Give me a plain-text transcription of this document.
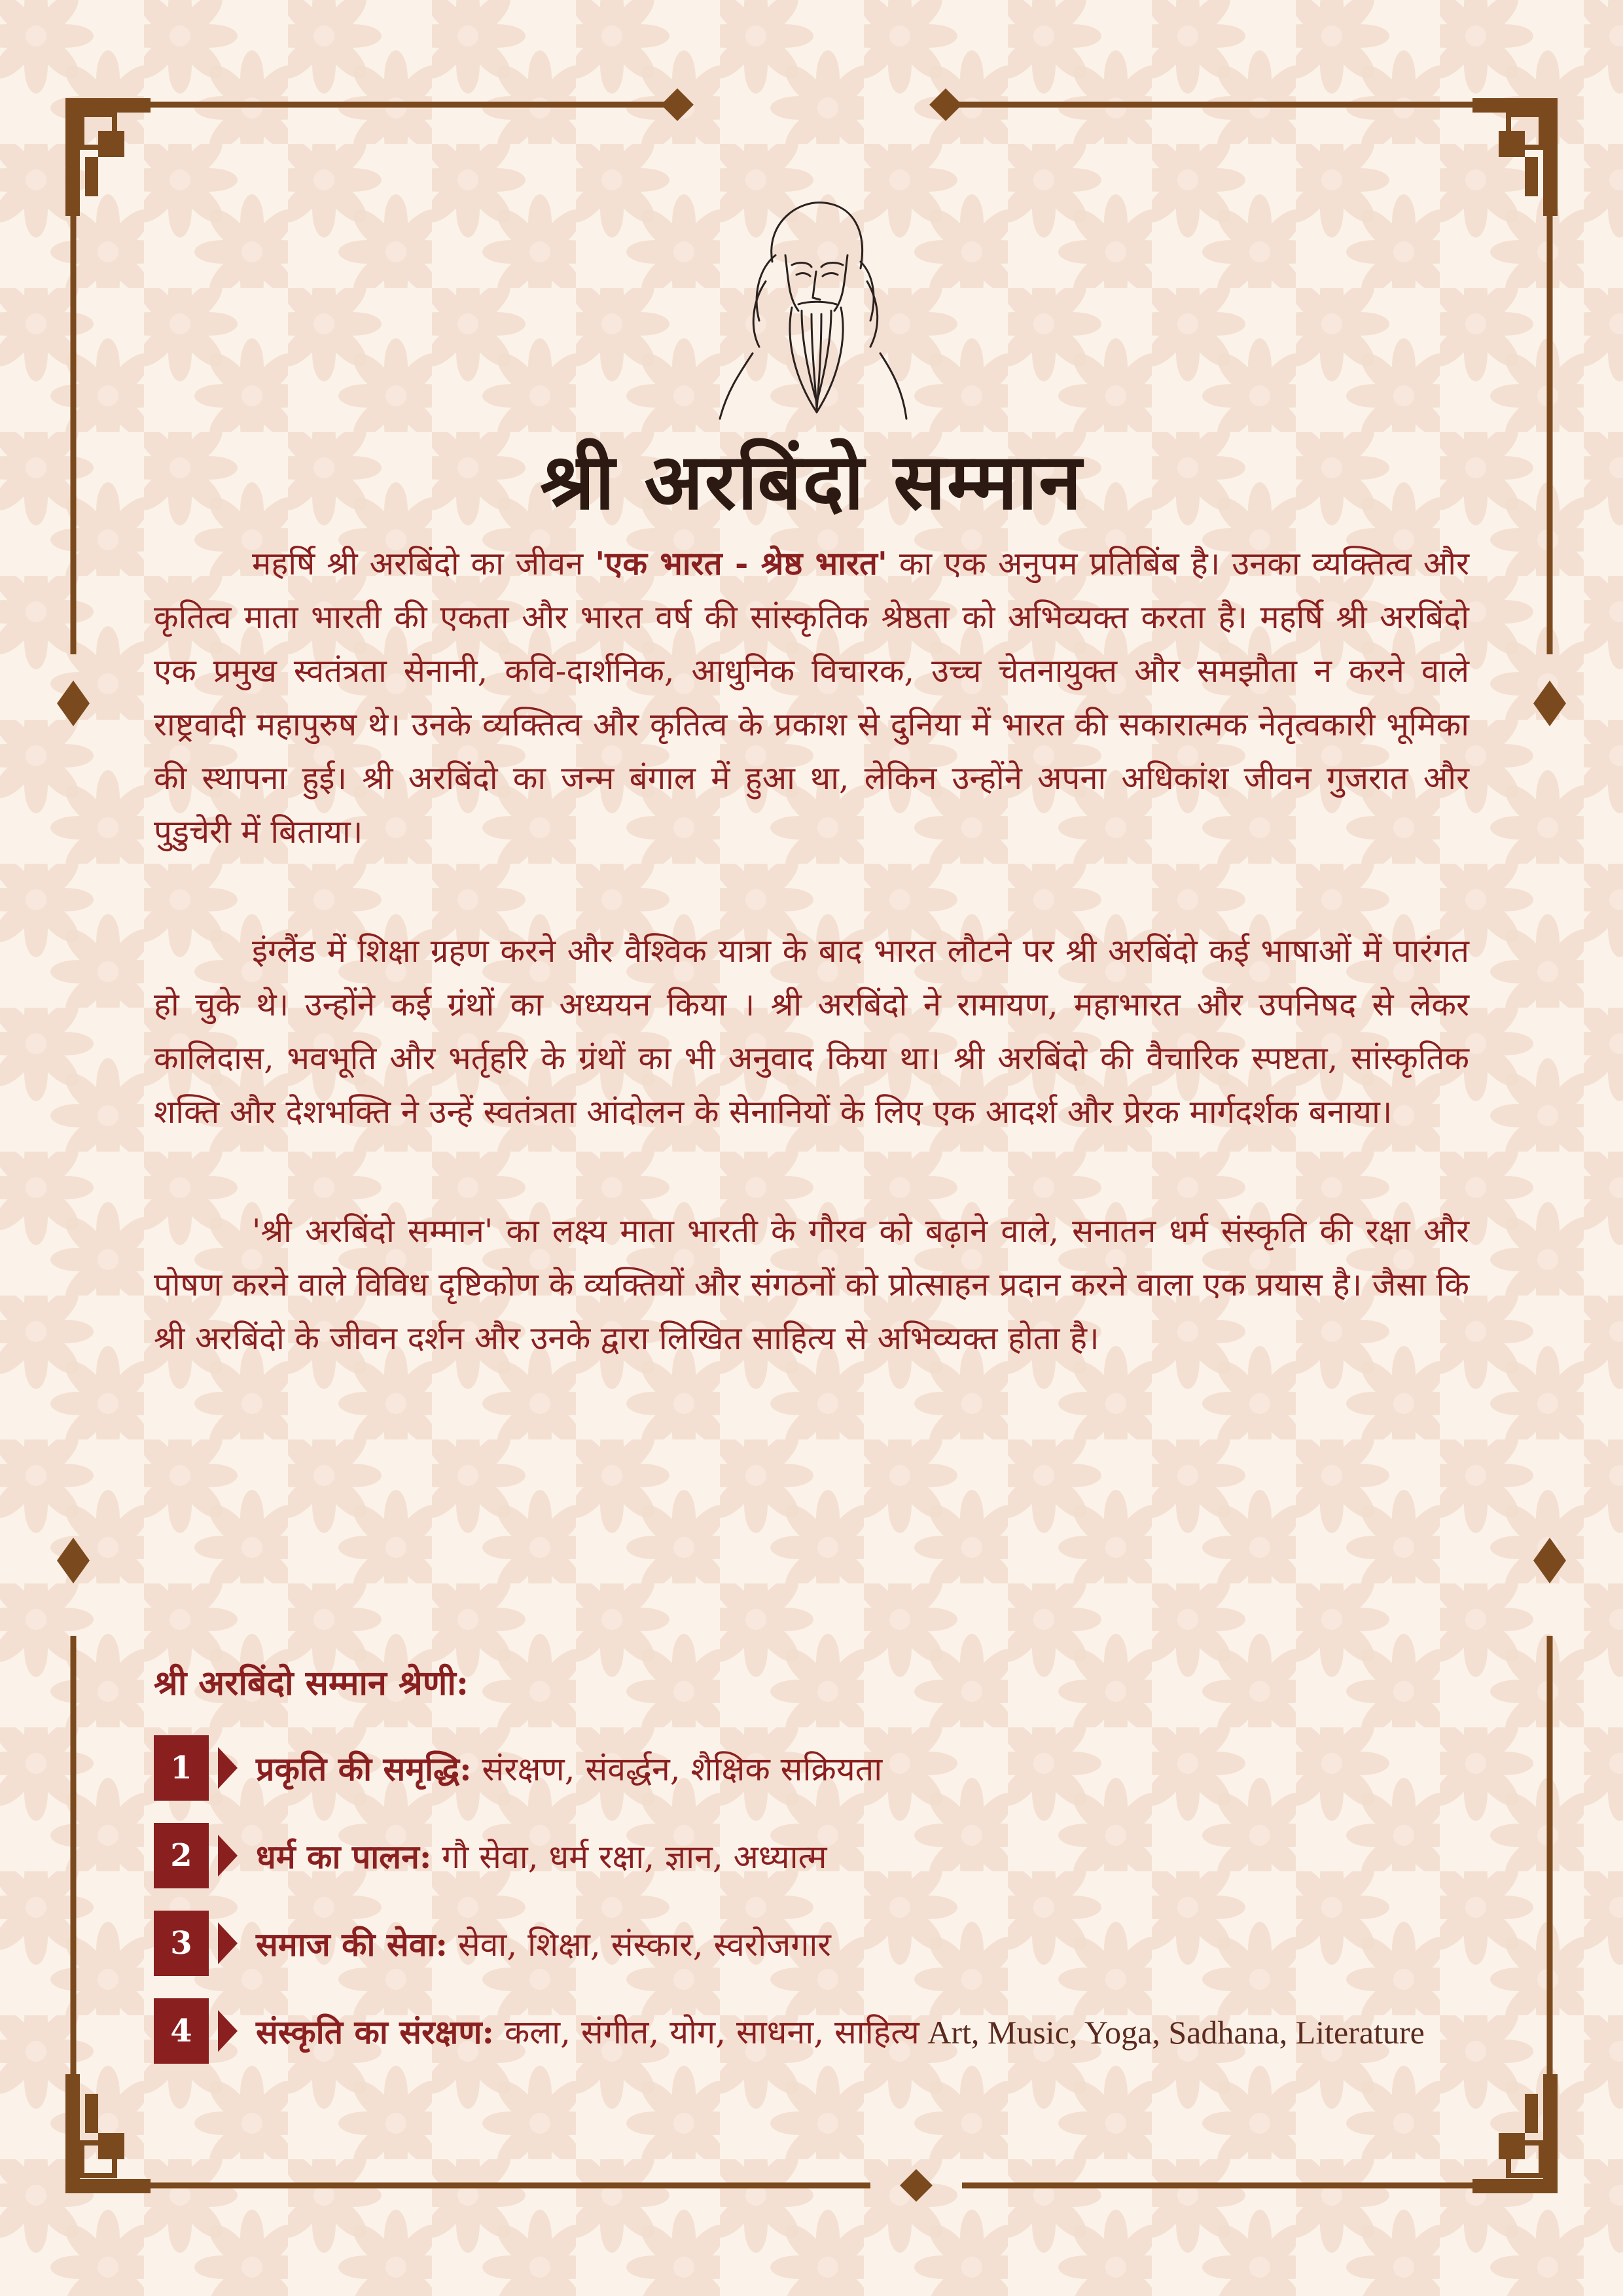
श्री अरबिंदो सम्मान

महर्षि श्री अरबिंदो का जीवन 'एक भारत - श्रेष्ठ भारत' का एक अनुपम प्रतिबिंब है। उनका व्यक्तित्व और कृतित्व माता भारती की एकता और भारत वर्ष की सांस्कृतिक श्रेष्ठता को अभिव्यक्त करता है। महर्षि श्री अरबिंदो एक प्रमुख स्वतंत्रता सेनानी, कवि-दार्शनिक, आधुनिक विचारक, उच्च चेतनायुक्त और समझौता न करने वाले राष्ट्रवादी महापुरुष थे। उनके व्यक्तित्व और कृतित्व के प्रकाश से दुनिया में भारत की सकारात्मक नेतृत्वकारी भूमिका की स्थापना हुई। श्री अरबिंदो का जन्म बंगाल में हुआ था, लेकिन उन्होंने अपना अधिकांश जीवन गुजरात और पुडुचेरी में बिताया।

इंग्लैंड में शिक्षा ग्रहण करने और वैश्विक यात्रा के बाद भारत लौटने पर श्री अरबिंदो कई भाषाओं में पारंगत हो चुके थे। उन्होंने कई ग्रंथों का अध्ययन किया । श्री अरबिंदो ने रामायण, महाभारत और उपनिषद से लेकर कालिदास, भवभूति और भर्तृहरि के ग्रंथों का भी अनुवाद किया था। श्री अरबिंदो की वैचारिक स्पष्टता, सांस्कृतिक शक्ति और देशभक्ति ने उन्हें स्वतंत्रता आंदोलन के सेनानियों के लिए एक आदर्श और प्रेरक मार्गदर्शक बनाया।

'श्री अरबिंदो सम्मान' का लक्ष्य माता भारती के गौरव को बढ़ाने वाले, सनातन धर्म संस्कृति की रक्षा और पोषण करने वाले विविध दृष्टिकोण के व्यक्तियों और संगठनों को प्रोत्साहन प्रदान करने वाला एक प्रयास है। जैसा कि श्री अरबिंदो के जीवन दर्शन और उनके द्वारा लिखित साहित्य से अभिव्यक्त होता है।

श्री अरबिंदो सम्मान श्रेणी:
1	प्रकृति की समृद्धि: संरक्षण, संवर्द्धन, शैक्षिक सक्रियता
2	धर्म का पालन: गौ सेवा, धर्म रक्षा, ज्ञान, अध्यात्म
3	समाज की सेवा: सेवा, शिक्षा, संस्कार, स्वरोजगार
4	संस्कृति का संरक्षण: कला, संगीत, योग, साधना, साहित्य Art, Music, Yoga, Sadhana, Literature
